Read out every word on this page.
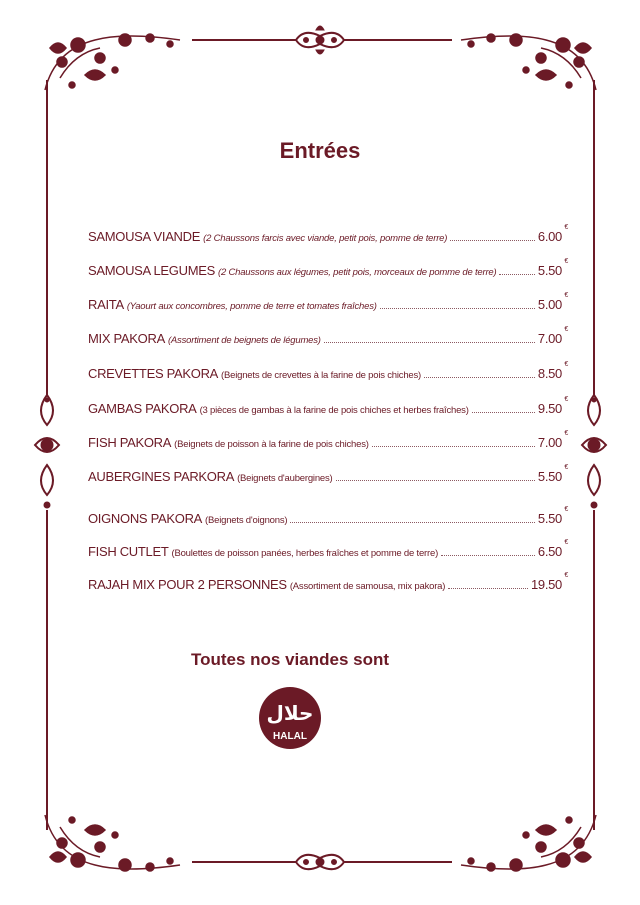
Entrées
SAMOUSA VIANDE (2 Chaussons farcis avec viande, petit pois, pomme de terre)	6.00
€
SAMOUSA LEGUMES (2 Chaussons aux légumes, petit pois, morceaux de pomme de terre)	5.50
€
RAITA (Yaourt aux concombres, pomme de terre et tomates fraîches)	5.00
€
MIX PAKORA (Assortiment de beignets de légumes)	7.00
€
CREVETTES PAKORA (Beignets de crevettes à la farine de pois chiches)	8.50
€
GAMBAS PAKORA (3 pièces de gambas à la farine de pois chiches et herbes fraîches)	9.50
€
FISH PAKORA (Beignets de poisson à la farine de pois chiches)	7.00
€
AUBERGINES PARKORA (Beignets d'aubergines)	5.50
€
OIGNONS PAKORA (Beignets d'oignons)	5.50
€
FISH CUTLET (Boulettes de poisson panées, herbes fraîches et pomme de terre)	6.50
€
RAJAH MIX POUR 2 PERSONNES (Assortiment de samousa, mix pakora)	19.50
€
Toutes nos viandes sont
حلال
HALAL
